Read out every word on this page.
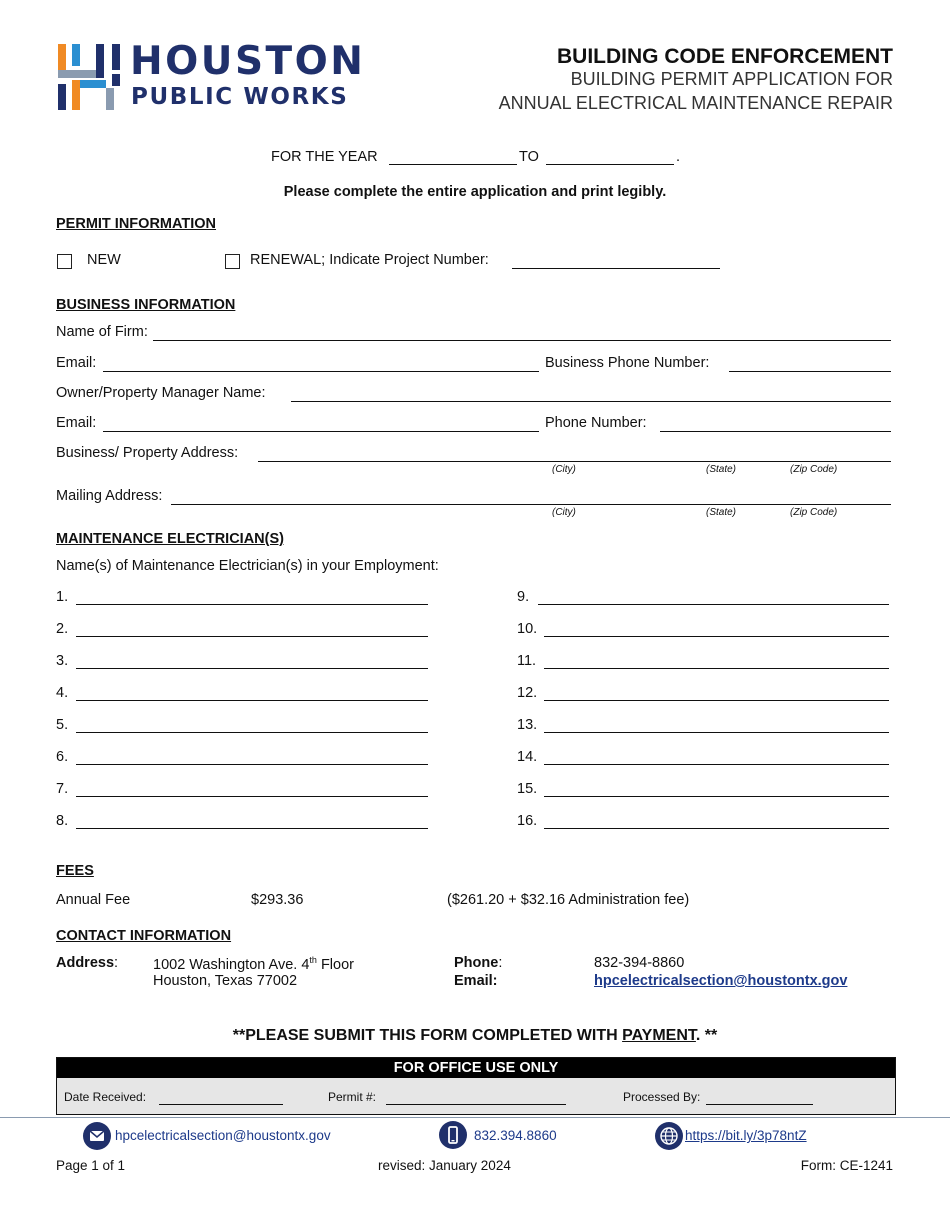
HOUSTON
PUBLIC WORKS
BUILDING CODE ENFORCEMENT
BUILDING PERMIT APPLICATION FOR
ANNUAL ELECTRICAL MAINTENANCE REPAIR
FOR THE YEAR	TO	.
Please complete the entire application and print legibly.
PERMIT INFORMATION
NEW	RENEWAL; Indicate Project Number:
BUSINESS INFORMATION
Name of Firm:
Email:	Business Phone Number:
Owner/Property Manager Name:
Email:	Phone Number:
Business/ Property Address:
(City)	(State)	(Zip Code)
Mailing Address:
(City)	(State)	(Zip Code)
MAINTENANCE ELECTRICIAN(S)
Name(s) of Maintenance Electrician(s) in your Employment:
1.
2.
3.
4.
5.
6.
7.
8.
9.
10.
11.
12.
13.
14.
15.
16.
FEES
Annual Fee	$293.36	($261.20 + $32.16 Administration fee)
CONTACT INFORMATION
Address: 1002 Washington Ave. 4th Floor
Houston, Texas 77002
Phone:	832-394-8860
Email:	hpcelectricalsection@houstontx.gov
**PLEASE SUBMIT THIS FORM COMPLETED WITH PAYMENT. **
FOR OFFICE USE ONLY
Date Received:	Permit #:	Processed By:
hpcelectricalsection@houstontx.gov	832.394.8860	https://bit.ly/3p78ntZ
Page 1 of 1	revised: January 2024	Form: CE-1241
